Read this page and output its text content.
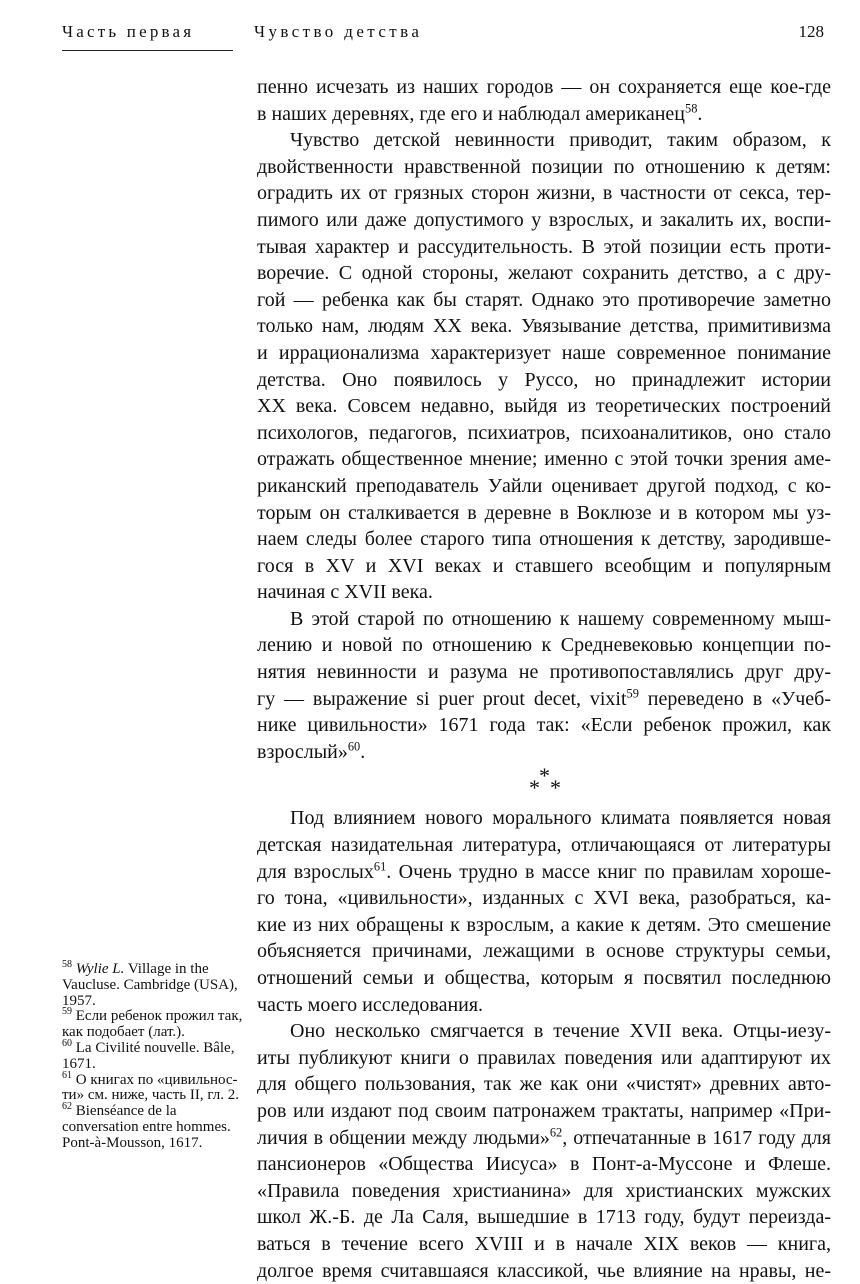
Часть первая	Чувство детства	128
пенно исчезать из наших городов — он сохраняется еще кое-где
в наших деревнях, где его и наблюдал американец$^{58}$.
Чувство детской невинности приводит, таким образом, к
двойственности нравственной позиции по отношению к детям:
оградить их от грязных сторон жизни, в частности от секса, тер-
пимого или даже допустимого у взрослых, и закалить их, воспи-
тывая характер и рассудительность. В этой позиции есть проти-
воречие. С одной стороны, желают сохранить детство, а с дру-
гой — ребенка как бы старят. Однако это противоречие заметно
только нам, людям XX века. Увязывание детства, примитивизма
и иррационализма характеризует наше современное понимание
детства. Оно появилось у Руссо, но принадлежит истории
XX века. Совсем недавно, выйдя из теоретических построений
психологов, педагогов, психиатров, психоаналитиков, оно стало
отражать общественное мнение; именно с этой точки зрения аме-
риканский преподаватель Уайли оценивает другой подход, с ко-
торым он сталкивается в деревне в Воклюзе и в котором мы уз-
наем следы более старого типа отношения к детству, зародивше-
гося в XV и XVI веках и ставшего всеобщим и популярным
начиная с XVII века.
В этой старой по отношению к нашему современному мыш-
лению и новой по отношению к Средневековью концепции по-
нятия невинности и разума не противопоставлялись друг дру-
гу — выражение si puer prout decet, vixit$^{59}$ переведено в «Учеб-
нике цивильности» 1671 года так: «Если ребенок прожил, как
взрослый»$^{60}$.
*
* *
Под влиянием нового морального климата появляется новая
детская назидательная литература, отличающаяся от литературы
для взрослых$^{61}$. Очень трудно в массе книг по правилам хороше-
го тона, «цивильности», изданных с XVI века, разобраться, ка-
кие из них обращены к взрослым, а какие к детям. Это смешение
объясняется причинами, лежащими в основе структуры семьи,
отношений семьи и общества, которым я посвятил последнюю
часть моего исследования.
Оно несколько смягчается в течение XVII века. Отцы-иезу-
иты публикуют книги о правилах поведения или адаптируют их
для общего пользования, так же как они «чистят» древних авто-
ров или издают под своим патронажем трактаты, например «При-
личия в общении между людьми»$^{62}$, отпечатанные в 1617 году для
пансионеров «Общества Иисуса» в Понт-а-Муссоне и Флеше.
«Правила поведения христианина» для христианских мужских
школ Ж.-Б. де Ла Саля, вышедшие в 1713 году, будут переизда-
ваться в течение всего XVIII и в начале XIX веков — книга,
долгое время считавшаяся классикой, чье влияние на нравы, не-
$^{58}$ Wylie L. Village in the
Vaucluse. Cambridge (USA),
1957.
$^{59}$ Если ребенок прожил так,
как подобает (лат.).
$^{60}$ La Civilité nouvelle. Bâle,
1671.
$^{61}$ О книгах по «цивильнос-
ти» см. ниже, часть II, гл. 2.
$^{62}$ Bienséance de la
conversation entre hommes.
Pont-à-Mousson, 1617.
